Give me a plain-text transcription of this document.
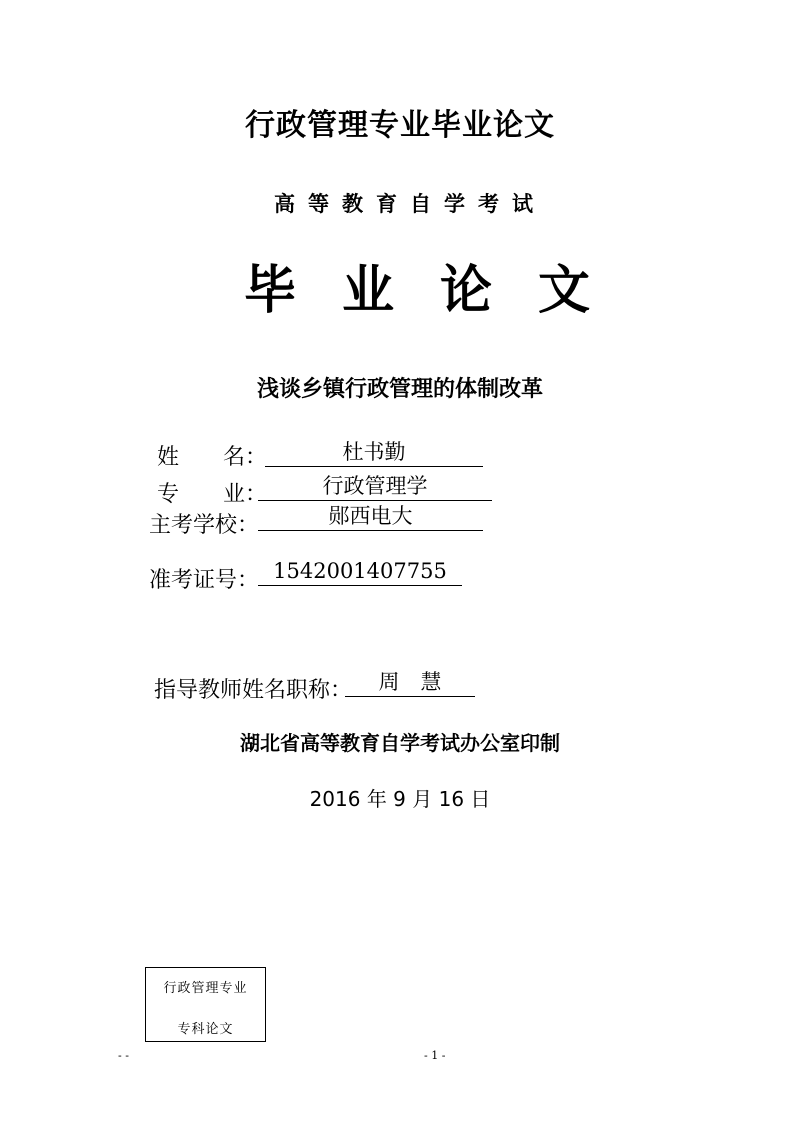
行政管理专业毕业论文
高等教育自学考试
毕业论文
浅谈乡镇行政管理的体制改革
姓　　名：	杜书勤
专　　业：	行政管理学
主考学校：	郧西电大
准考证号： 1542001407755
指导教师姓名职称：	周　慧
湖北省高等教育自学考试办公室印制
2016 年 9 月 16 日
行政管理专业
专科论文
- -	- 1 -
